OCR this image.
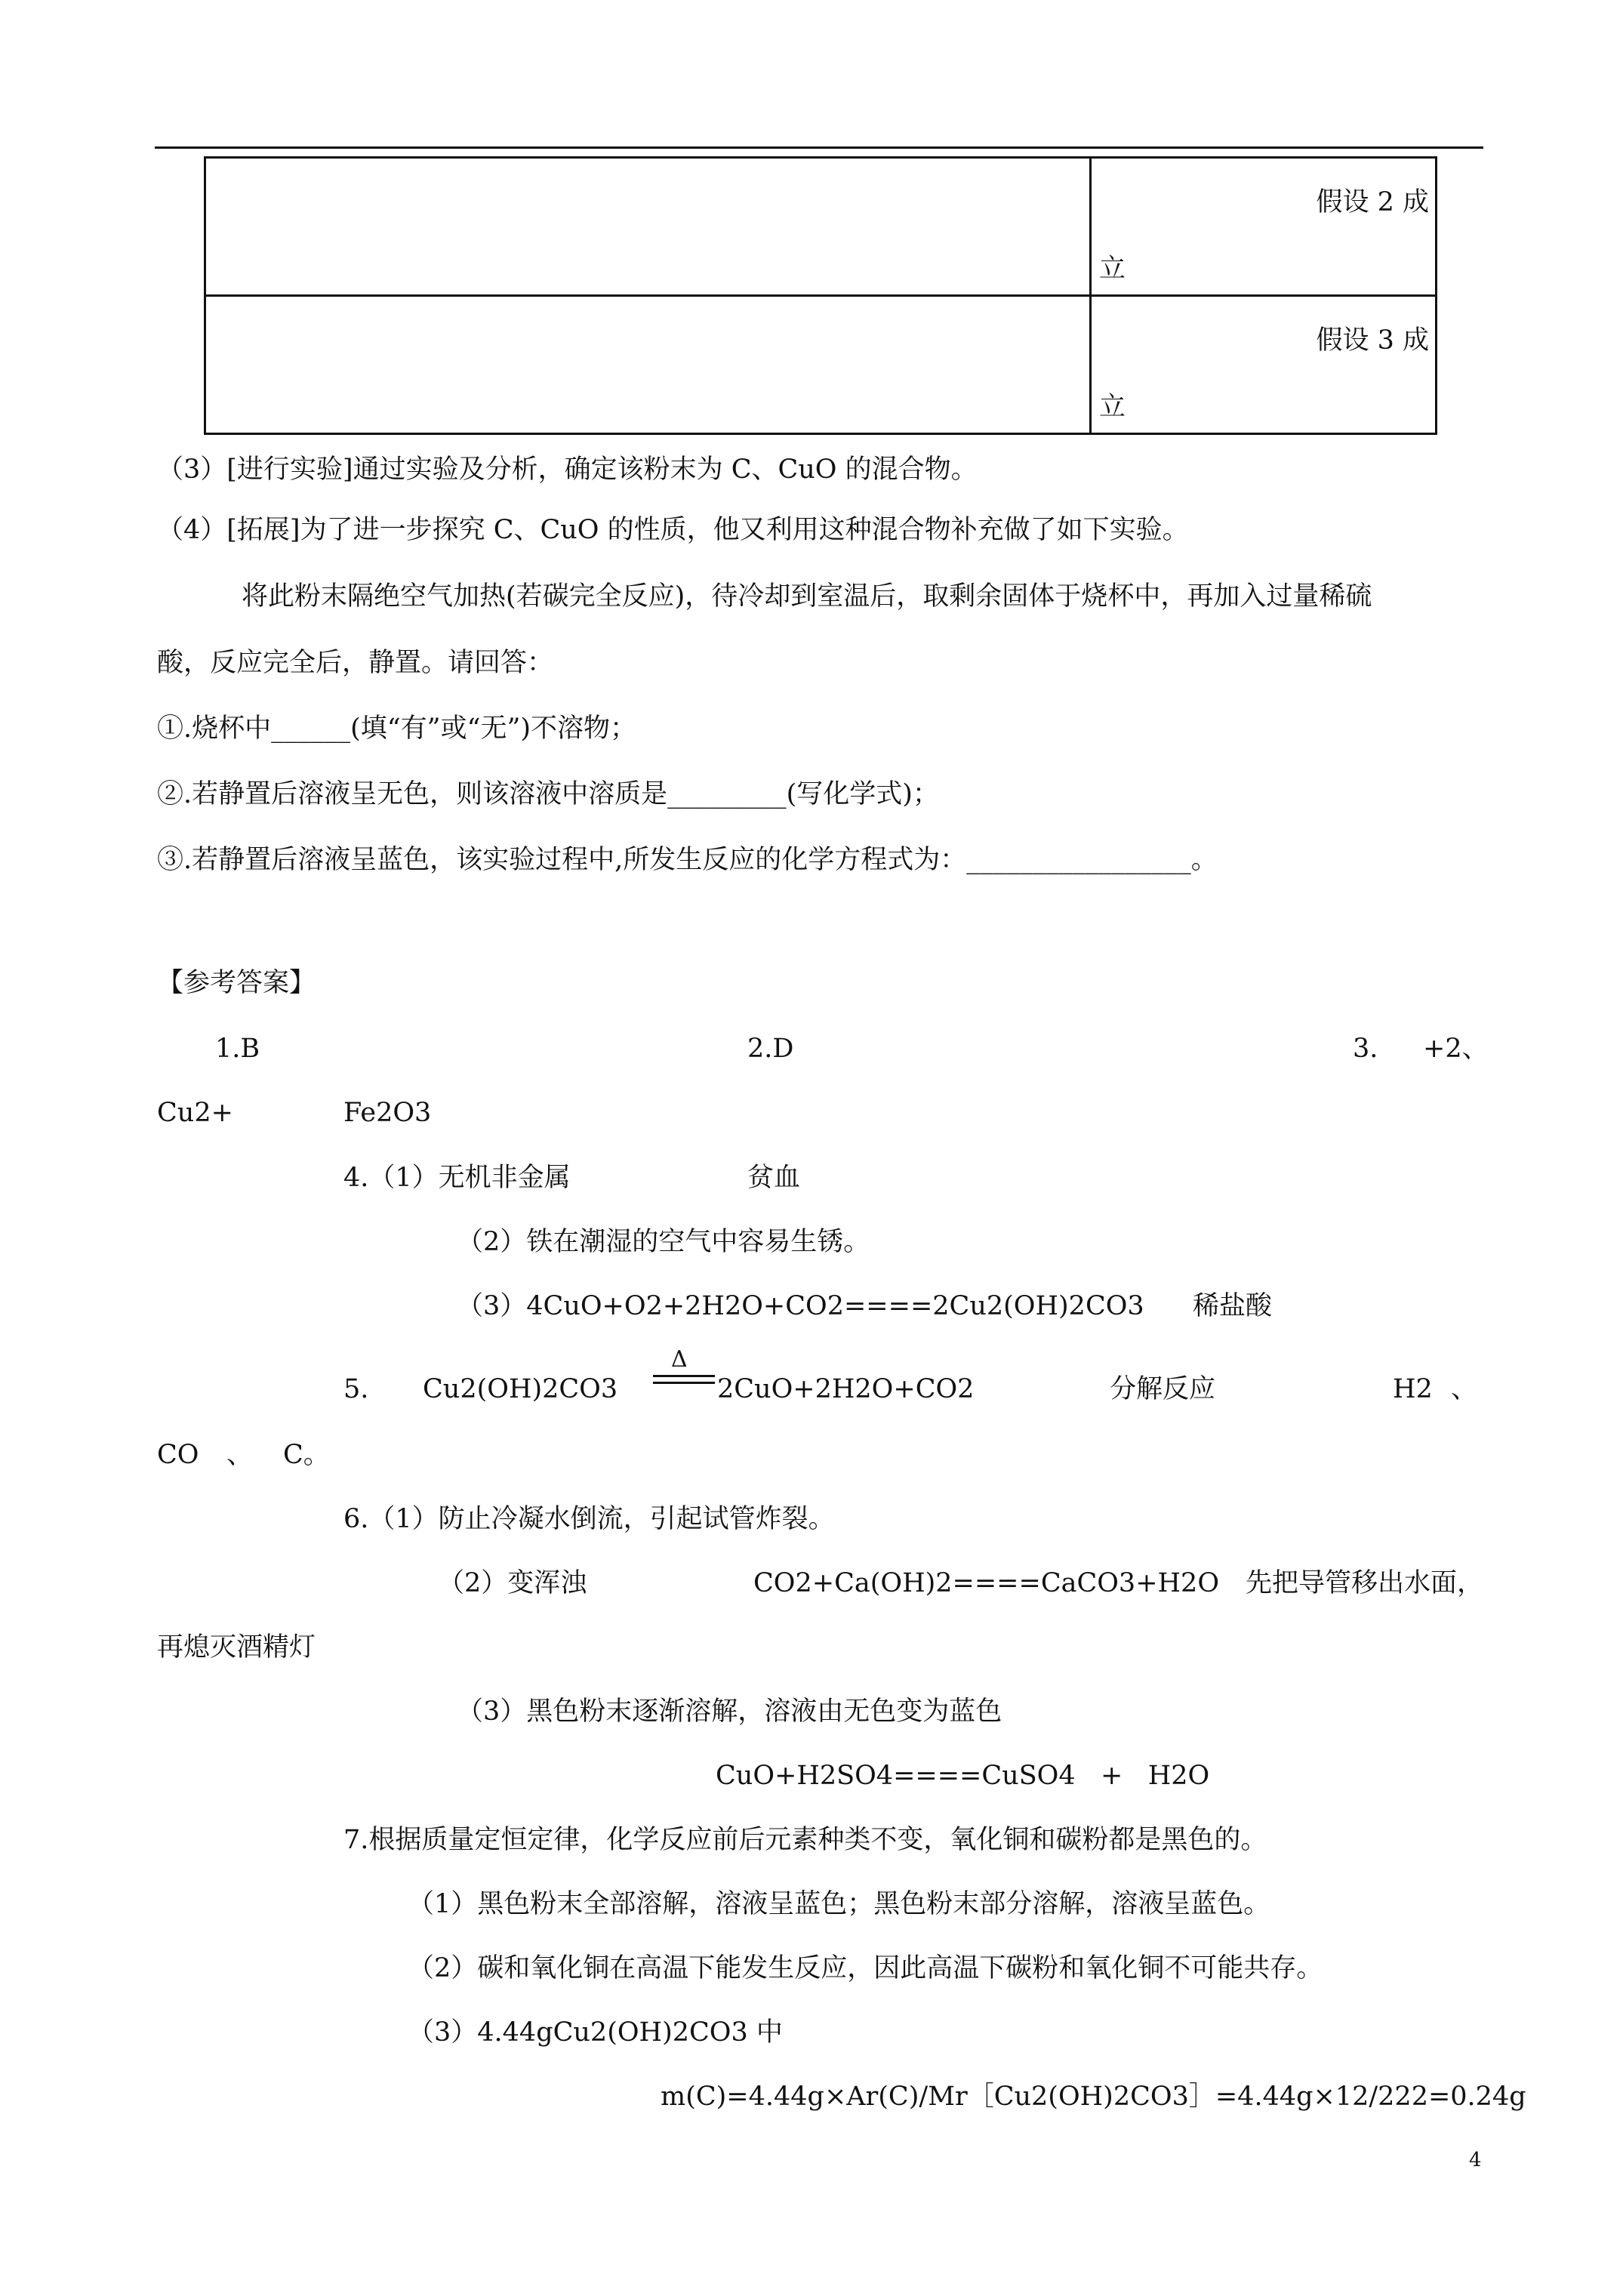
	假设 2 成
立

	假设 3 成
立
（3）[进行实验]通过实验及分析，确定该粉末为 C、CuO 的混合物。
（4）[拓展]为了进一步探究 C、CuO 的性质，他又利用这种混合物补充做了如下实验。
将此粉末隔绝空气加热(若碳完全反应)，待冷却到室温后，取剩余固体于烧杯中，再加入过量稀硫
酸，反应完全后，静置。请回答：
①.烧杯中______(填“有”或“无”)不溶物；
②.若静置后溶液呈无色，则该溶液中溶质是_________(写化学式)；
③.若静置后溶液呈蓝色，该实验过程中,所发生反应的化学方程式为：_________________。
【参考答案】
1.B	2.D	3. +2、
Cu2+	Fe2O3
4.（1）无机非金属	贫血
（2）铁在潮湿的空气中容易生锈。
（3）4CuO+O2+2H2O+CO2====2Cu2(OH)2CO3 稀盐酸
5. Cu2(OH)2CO3
Δ
2CuO+2H2O+CO2	分解反应	H2 、
CO 、 C。
6.（1）防止冷凝水倒流，引起试管炸裂。
（2）变浑浊	CO2+Ca(OH)2====CaCO3+H2O 先把导管移出水面，
再熄灭酒精灯
（3）黑色粉末逐渐溶解，溶液由无色变为蓝色
CuO+H2SO4====CuSO4   +   H2O
7.根据质量定恒定律，化学反应前后元素种类不变，氧化铜和碳粉都是黑色的。
（1）黑色粉末全部溶解，溶液呈蓝色；黑色粉末部分溶解，溶液呈蓝色。
（2）碳和氧化铜在高温下能发生反应，因此高温下碳粉和氧化铜不可能共存。
（3）4.44gCu2(OH)2CO3 中
m(C)=4.44g×Ar(C)/Mr［Cu2(OH)2CO3］=4.44g×12/222=0.24g
4
